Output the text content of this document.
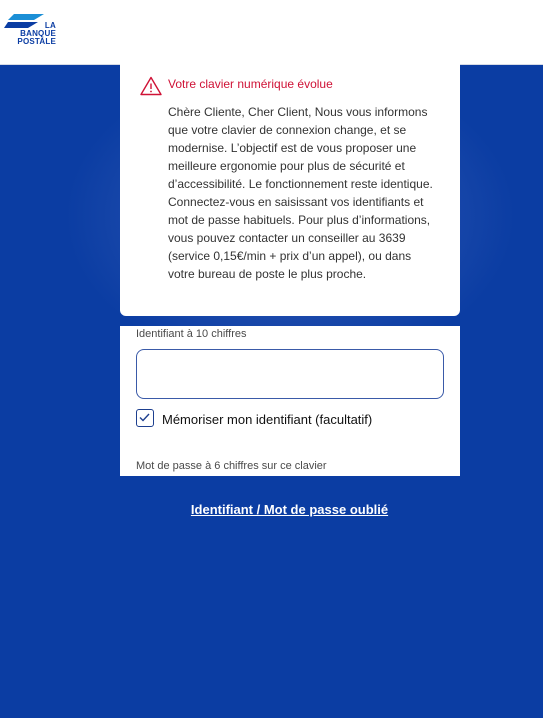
LA
BANQUE
POSTALE
Votre clavier numérique évolue
Chère Cliente, Cher Client, Nous vous informons que votre clavier de connexion change, et se modernise. L’objectif est de vous proposer une meilleure ergonomie pour plus de sécurité et d’accessibilité. Le fonctionnement reste identique. Connectez-vous en saisissant vos identifiants et mot de passe habituels. Pour plus d’informations, vous pouvez contacter un conseiller au 3639 (service 0,15€/min + prix d’un appel), ou dans votre bureau de poste le plus proche.
Identifiant à 10 chiffres
Mémoriser mon identifiant (facultatif)
Mot de passe à 6 chiffres sur ce clavier
Identifiant / Mot de passe oublié
